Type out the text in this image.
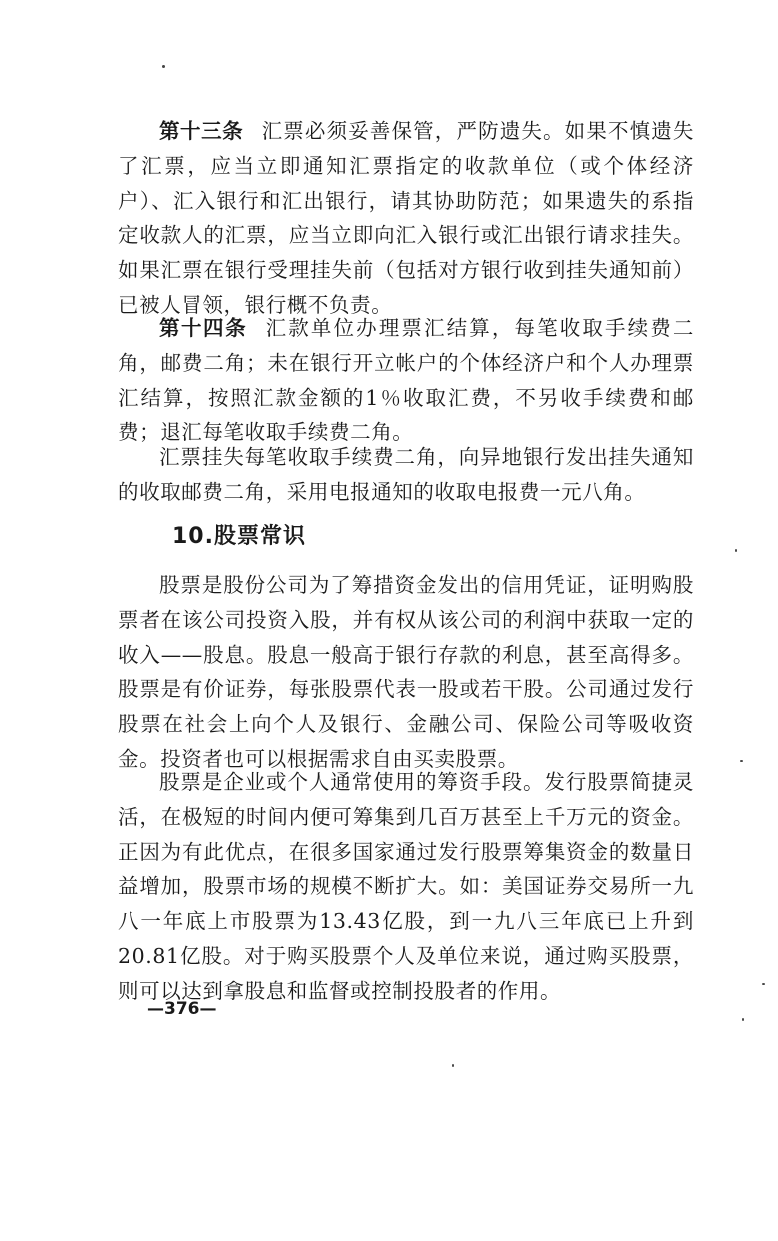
第十三条 汇票必须妥善保管，严防遗失。如果不慎遗失了汇票，应当立即通知汇票指定的收款单位（或个体经济户）、汇入银行和汇出银行，请其协助防范；如果遗失的系指定收款人的汇票，应当立即向汇入银行或汇出银行请求挂失。如果汇票在银行受理挂失前（包括对方银行收到挂失通知前）已被人冒领，银行概不负责。

第十四条 汇款单位办理票汇结算，每笔收取手续费二角，邮费二角；未在银行开立帐户的个体经济户和个人办理票汇结算，按照汇款金额的1％收取汇费，不另收手续费和邮费；退汇每笔收取手续费二角。

汇票挂失每笔收取手续费二角，向异地银行发出挂失通知的收取邮费二角，采用电报通知的收取电报费一元八角。

10.股票常识

股票是股份公司为了筹措资金发出的信用凭证，证明购股票者在该公司投资入股，并有权从该公司的利润中获取一定的收入——股息。股息一般高于银行存款的利息，甚至高得多。股票是有价证券，每张股票代表一股或若干股。公司通过发行股票在社会上向个人及银行、金融公司、保险公司等吸收资金。投资者也可以根据需求自由买卖股票。

股票是企业或个人通常使用的筹资手段。发行股票简捷灵活，在极短的时间内便可筹集到几百万甚至上千万元的资金。正因为有此优点，在很多国家通过发行股票筹集资金的数量日益增加，股票市场的规模不断扩大。如：美国证券交易所一九八一年底上市股票为13.43亿股，到一九八三年底已上升到20.81亿股。对于购买股票个人及单位来说，通过购买股票，则可以达到拿股息和监督或控制投股者的作用。

—376—
